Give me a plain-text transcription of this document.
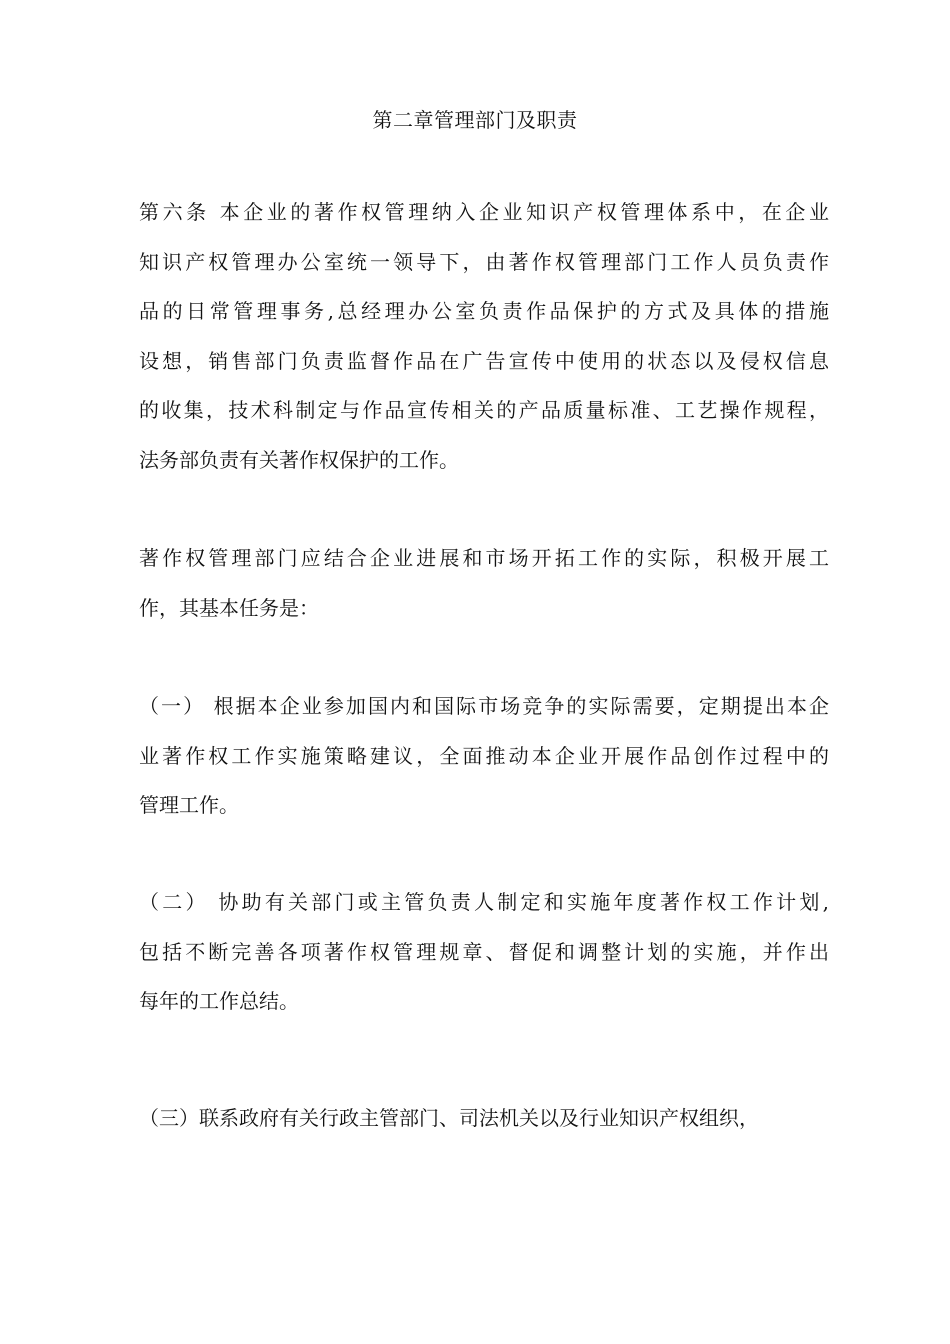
第二章管理部门及职责
第六条 本企业的著作权管理纳入企业知识产权管理体系中，在企业
知识产权管理办公室统一领导下，由著作权管理部门工作人员负责作
品的日常管理事务,总经理办公室负责作品保护的方式及具体的措施
设想，销售部门负责监督作品在广告宣传中使用的状态以及侵权信息
的收集，技术科制定与作品宣传相关的产品质量标准、工艺操作规程，
法务部负责有关著作权保护的工作。
著作权管理部门应结合企业进展和市场开拓工作的实际，积极开展工
作，其基本任务是：
（一） 根据本企业参加国内和国际市场竞争的实际需要，定期提出本企
业著作权工作实施策略建议，全面推动本企业开展作品创作过程中的
管理工作。
（二） 协助有关部门或主管负责人制定和实施年度著作权工作计划,
包括不断完善各项著作权管理规章、督促和调整计划的实施，并作出
每年的工作总结。
（三）联系政府有关行政主管部门、司法机关以及行业知识产权组织，
